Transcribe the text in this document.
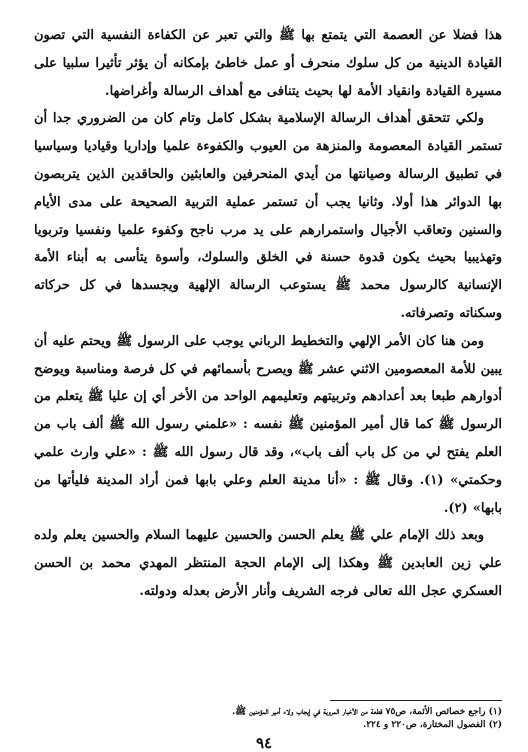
هذا فضلا عن العصمة التي يتمتع بها ﷺ والتي تعبر عن الكفاءة النفسية التي تصون القيادة الدينية من كل سلوك منحرف أو عمل خاطئ بإمكانه أن يؤثر تأثيرا سلبيا على مسيرة القيادة وانقياد الأمة لها بحيث يتنافى مع أهداف الرسالة وأغراضها.

ولكي تتحقق أهداف الرسالة الإسلامية بشكل كامل وتام كان من الضروري جدا أن تستمر القيادة المعصومة والمنزهة من العيوب والكفوءة علميا وإداريا وقياديا وسياسيا في تطبيق الرسالة وصيانتها من أيدي المنحرفين والعابثين والحاقدين الذين يتربصون بها الدوائر هذا أولا. وثانيا يجب أن تستمر عملية التربية الصحيحة على مدى الأيام والسنين وتعاقب الأجيال واستمرارهم على يد مرب ناجح وكفوء علميا ونفسيا وتربويا وتهذيبيا بحيث يكون قدوة حسنة في الخلق والسلوك، وأسوة يتأسى به أبناء الأمة الإنسانية كالرسول محمد ﷺ يستوعب الرسالة الإلهية ويجسدها في كل حركاته وسكناته وتصرفاته.

ومن هنا كان الأمر الإلهي والتخطيط الرباني يوجب على الرسول ﷺ ويحتم عليه أن يبين للأمة المعصومين الاثني عشر ﷺ ويصرح بأسمائهم في كل فرصة ومناسبة ويوضح أدوارهم طبعا بعد أعدادهم وتربيتهم وتعليمهم الواحد من الأخر أي إن عليا ﷺ يتعلم من الرسول ﷺ كما قال أمير المؤمنين ﷺ نفسه : «علمني رسول الله ﷺ ألف باب من العلم يفتح لي من كل باب ألف باب»، وقد قال رسول الله ﷺ : «علي وارث علمي وحكمتي» (١). وقال ﷺ : «أنا مدينة العلم وعلي بابها فمن أراد المدينة فليأتها من بابها» (٢).

وبعد ذلك الإمام علي ﷺ يعلم الحسن والحسين عليهما السلام والحسين يعلم ولده علي زين العابدين ﷺ وهكذا إلى الإمام الحجة المنتظر المهدي محمد بن الحسن العسكري عجل الله تعالى فرجه الشريف وأنار الأرض بعدله ودولته.

(١) راجع خصائص الأئمة، ص٧٥ قطعة من الأخبار المروية في إيجاب ولاء أمير المؤمنين ﷺ.

(٢) الفصول المختارة، ص٢٢٠ و ٢٢٤.

٩٤
